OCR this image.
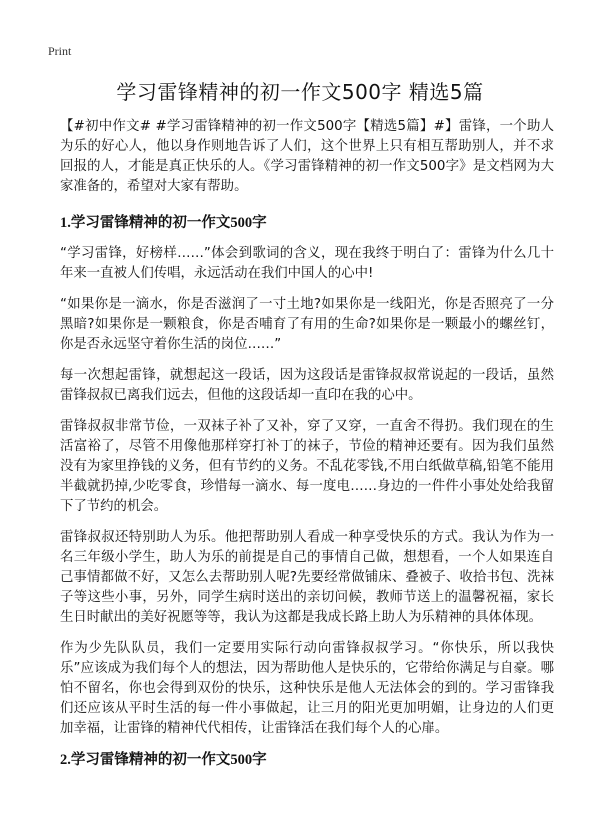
Print
学习雷锋精神的初一作文500字 精选5篇

【#初中作文# #学习雷锋精神的初一作文500字【精选5篇】#】雷锋，一个助人为乐的好心人，他以身作则地告诉了人们，这个世界上只有相互帮助别人，并不求回报的人，才能是真正快乐的人。《学习雷锋精神的初一作文500字》是文档网为大家准备的，希望对大家有帮助。

1.学习雷锋精神的初一作文500字

“学习雷锋，好榜样……”体会到歌词的含义，现在我终于明白了：雷锋为什么几十年来一直被人们传唱，永远活动在我们中国人的心中!

“如果你是一滴水，你是否滋润了一寸土地?如果你是一线阳光，你是否照亮了一分黑暗?如果你是一颗粮食，你是否哺育了有用的生命?如果你是一颗最小的螺丝钉，你是否永远坚守着你生活的岗位……”

每一次想起雷锋，就想起这一段话，因为这段话是雷锋叔叔常说起的一段话，虽然雷锋叔叔已离我们远去，但他的这段话却一直印在我的心中。

雷锋叔叔非常节俭，一双袜子补了又补，穿了又穿，一直舍不得扔。我们现在的生活富裕了，尽管不用像他那样穿打补丁的袜子，节俭的精神还要有。因为我们虽然没有为家里挣钱的义务，但有节约的义务。不乱花零钱,不用白纸做草稿,铅笔不能用半截就扔掉,少吃零食，珍惜每一滴水、每一度电……身边的一件件小事处处给我留下了节约的机会。

雷锋叔叔还特别助人为乐。他把帮助别人看成一种享受快乐的方式。我认为作为一名三年级小学生，助人为乐的前提是自己的事情自己做，想想看，一个人如果连自己事情都做不好，又怎么去帮助别人呢?先要经常做铺床、叠被子、收拾书包、洗袜子等这些小事，另外，同学生病时送出的亲切问候，教师节送上的温馨祝福，家长生日时献出的美好祝愿等等，我认为这都是我成长路上助人为乐精神的具体体现。

作为少先队队员，我们一定要用实际行动向雷锋叔叔学习。“你快乐，所以我快乐”应该成为我们每个人的想法，因为帮助他人是快乐的，它带给你满足与自豪。哪怕不留名，你也会得到双份的快乐，这种快乐是他人无法体会的到的。学习雷锋我们还应该从平时生活的每一件小事做起，让三月的阳光更加明媚，让身边的人们更加幸福，让雷锋的精神代代相传，让雷锋活在我们每个人的心扉。

2.学习雷锋精神的初一作文500字
